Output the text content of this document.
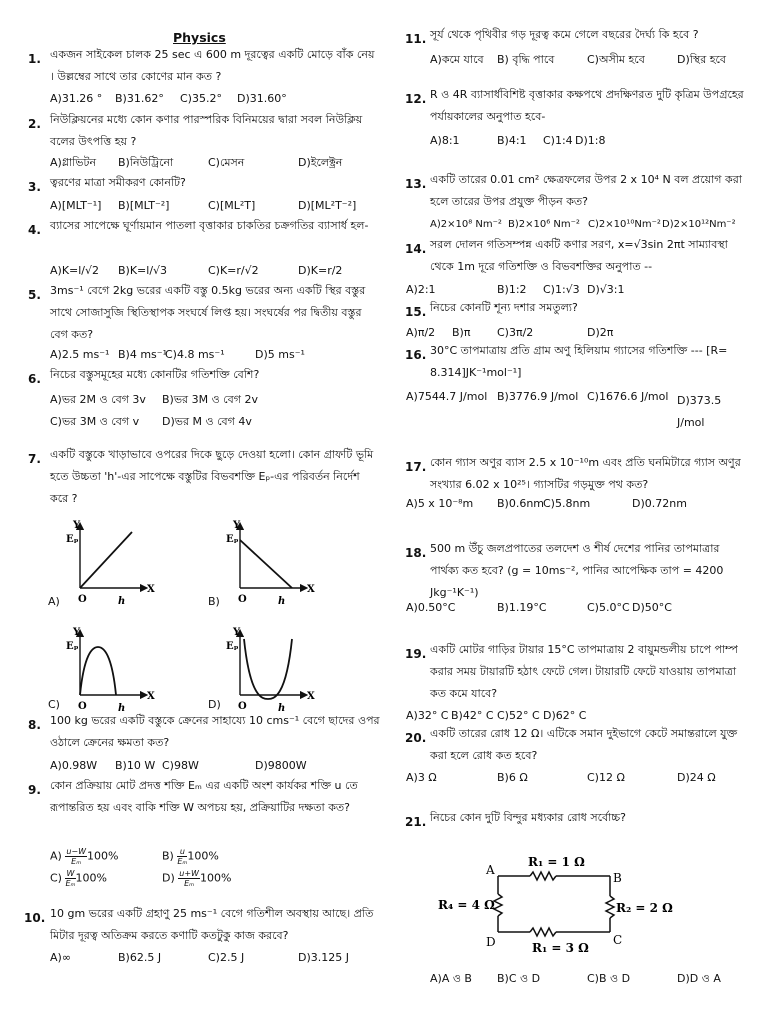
Physics
1. একজন সাইকেল চালক 25 sec এ 600 m দূরত্বের একটি মোড়ে বাঁক নেয় । উল্লম্বের সাথে তার কোণের মান কত ?
A)31.26 ° B)31.62° C)35.2° D)31.60°
2. নিউক্লিয়নের মধ্যে কোন কণার পারস্পরিক বিনিময়ের দ্বারা সবল নিউক্লিয় বলের উৎপত্তি হয় ?
A)গ্লাভিটন B)নিউট্রিনো	C)মেসন	D)ইলেক্ট্রন
3. ত্বরণের মাত্রা সমীকরণ কোনটি?
A)[MLT⁻¹] B)[MLT⁻²]	C)[ML²T]	D)[ML²T⁻²]
4. ব্যাসের সাপেক্ষে ঘূর্ণায়মান পাতলা বৃত্তাকার চাকতির চক্রগতির ব্যাসার্ধ হল-
A)K=l/√2 B)K=l/√3	C)K=r/√2	D)K=r/2
5. 3ms⁻¹ বেগে 2kg ভরের একটি বস্তু 0.5kg ভরের অন্য একটি স্থির বস্তুর সাথে সোজাসুজি স্থিতিস্থাপক সংঘর্ষে লিপ্ত হয়। সংঘর্ষের পর দ্বিতীয় বস্তুর বেগ কত?
A)2.5 ms⁻¹ B)4 ms⁻¹
C)4.8 ms⁻¹	D)5 ms⁻¹
6. নিচের বস্তুসমূহের মধ্যে কোনটির গতিশক্তি বেশি?
A)ভর 2M ও বেগ 3v B)ভর 3M ও বেগ 2v
C)ভর 3M ও বেগ v D)ভর M ও বেগ 4v
7. একটি বস্তুকে খাড়াভাবে ওপরের দিকে ছুড়ে দেওয়া হলো। কোন গ্রাফটি ভূমি হতে উচ্চতা 'h'-এর সাপেক্ষে বস্তুটির বিভবশক্তি Eₚ-এর পরিবর্তন নির্দেশ করে ?
A)	B)
C)	D)
Y
Eₚ
O	h
X
Y
Eₚ
O	h
X
Y
Eₚ
O	h
X
Y
Eₚ
O	h
X
8. 100 kg ভরের একটি বস্তুকে ক্রেনের সাহায্যে 10 cms⁻¹ বেগে ছাদের ওপর ওঠালে ক্রেনের ক্ষমতা কত?
A)0.98W B)10 W C)98W	D)9800W
9. কোন প্রক্রিয়ায় মোট প্রদত্ত শক্তি Eₘ এর একটি অংশ কার্যকর শক্তি u তে রূপান্তরিত হয় এবং বাকি শক্তি W অপচয় হয়, প্রক্রিয়াটির দক্ষতা কত?
$A) \frac{u-W}{\text{Eₘ}} 100\%$	$B) \frac{u}{\text{Eₘ}} 100\%$
$C) \frac{W}{\text{Eₘ}} 100\%$	$D) \frac{u+W}{\text{Eₘ}} 100\%$
10. 10 gm ভরের একটি গ্রহাণু 25 ms⁻¹ বেগে গতিশীল অবস্থায় আছে। প্রতি মিটার দূরত্ব অতিক্রম করতে কণাটি কতটুকু কাজ করবে?
A)∞	B)62.5 J	C)2.5 J	D)3.125 J
11. সূর্য থেকে পৃথিবীর গড় দূরত্ব কমে গেলে বছরের দৈর্ঘ্য কি হবে ?
A)কমে যাবে B) বৃদ্ধি পাবে	C)অসীম হবে	D)স্থির হবে
12. R ও 4R ব্যাসার্ধবিশিষ্ট বৃত্তাকার কক্ষপথে প্রদক্ষিণরত দুটি কৃত্রিম উপগ্রহের পর্যায়কালের অনুপাত হবে-
A)8:1	B)4:1 C)1:4 D)1:8
13. একটি তারের 0.01 cm² ক্ষেত্রফলের উপর 2 x 10⁴ N বল প্রয়োগ করা হলে তারের উপর প্রযুক্ত পীড়ন কত?
A)2×10⁸ Nm⁻² B)2×10⁶ Nm⁻² C)2×10¹⁰Nm⁻² D)2×10¹²Nm⁻²
14. সরল দোলন গতিসম্পন্ন একটি কণার সরণ, x=√3sin 2πt সাম্যাবস্থা থেকে 1m দূরে গতিশক্তি ও বিভবশক্তির অনুপাত --
A)2:1	B)1:2 C)1:√3 D)√3:1
15. নিচের কোনটি শূন্য দশার সমতুল্য?
A)π/2 B)π C)3π/2	D)2π
16. 30°C তাপমাত্রায় প্রতি গ্রাম অণু হিলিয়াম গ্যাসের গতিশক্তি --- [R= 8.314]JK⁻¹mol⁻¹]
A)7544.7 J/mol B)3776.9 J/mol C)1676.6 J/mol D)373.5 J/mol
17. কোন গ্যাস অণুর ব্যাস 2.5 x 10⁻¹⁰m এবং প্রতি ঘনমিটারে গ্যাস অণুর সংখ্যার 6.02 x 10²⁵। গ্যাসটির গড়মুক্ত পথ কত?
A)5 x 10⁻⁸m B)0.6nm
C)5.8nm	D)0.72nm
18. 500 m উঁচু জলপ্রপাতের তলদেশ ও শীর্ষ দেশের পানির তাপমাত্রার পার্থক্য কত হবে? (g = 10ms⁻², পানির আপেক্ষিক তাপ = 4200 Jkg⁻¹K⁻¹)
A)0.50°C	B)1.19°C	C)5.0°C D)50°C
19. একটি মোটর গাড়ির টায়ার 15°C তাপমাত্রায় 2 বায়ুমন্ডলীয় চাপে পাম্প করার সময় টায়ারটি হঠাৎ ফেটে গেল। টায়ারটি ফেটে যাওয়ায় তাপমাত্রা কত কমে যাবে?
A)32° C B)42° C C)52° C D)62° C
20. একটি তারের রোধ 12 Ω। এটিকে সমান দুইভাগে কেটে সমান্তরালে যুক্ত করা হলে রোধ কত হবে?
A)3 Ω	B)6 Ω	C)12 Ω	D)24 Ω
21. নিচের কোন দুটি বিন্দুর মধ্যকার রোধ সর্বোচ্চ?
R₁ = 1 Ω
R₂ = 2 Ω
R₁ = 3 Ω
R₄ = 4 Ω
A
B
C
D
A)A ও B B)C ও D	C)B ও D	D)D ও A
